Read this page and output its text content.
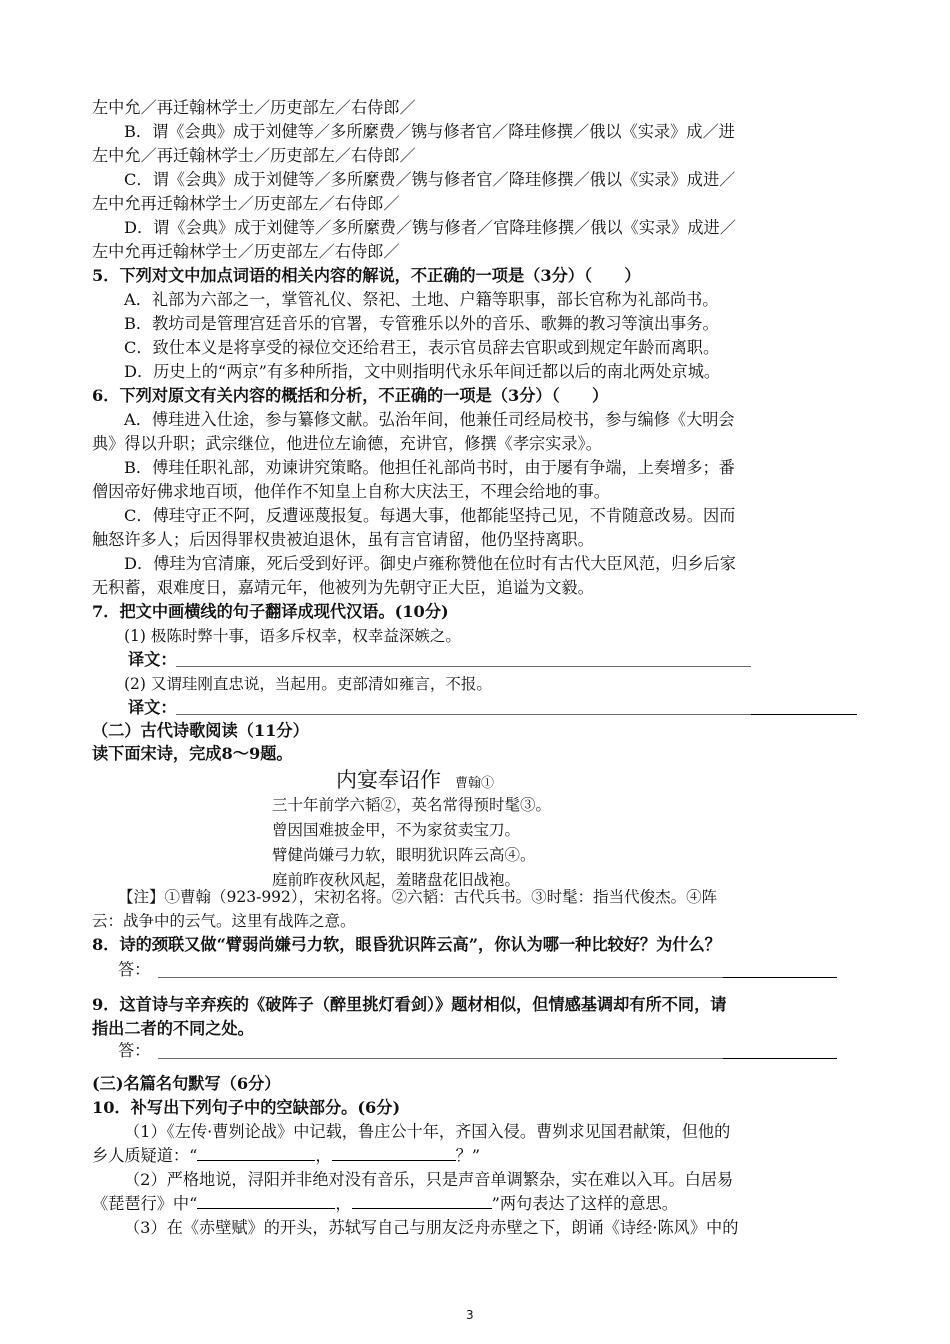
左中允／再迁翰林学士／历吏部左／右侍郎／
B．谓《会典》成于刘健等／多所縻费／镌与修者官／降珪修撰／俄以《实录》成／进
左中允／再迁翰林学士／历吏部左／右侍郎／
C．谓《会典》成于刘健等／多所縻费／镌与修者官／降珪修撰／俄以《实录》成进／
左中允再迁翰林学士／历吏部左／右侍郎／
D．谓《会典》成于刘健等／多所縻费／镌与修者／官降珪修撰／俄以《实录》成进／
左中允再迁翰林学士／历吏部左／右侍郎／
5．下列对文中加点词语的相关内容的解说，不正确的一项是（3分）（　　）
A．礼部为六部之一，掌管礼仪、祭祀、土地、户籍等职事，部长官称为礼部尚书。
B．教坊司是管理宫廷音乐的官署，专管雅乐以外的音乐、歌舞的教习等演出事务。
C．致仕本义是将享受的禄位交还给君王，表示官员辞去官职或到规定年龄而离职。
D．历史上的“两京”有多种所指，文中则指明代永乐年间迁都以后的南北两处京城。
6．下列对原文有关内容的概括和分析，不正确的一项是（3分）（　　）
A．傅珪进入仕途，参与纂修文献。弘治年间，他兼任司经局校书，参与编修《大明会
典》得以升职；武宗继位，他进位左谕德，充讲官，修撰《孝宗实录》。
B．傅珪任职礼部，劝谏讲究策略。他担任礼部尚书时，由于屡有争端，上奏增多；番
僧因帝好佛求地百顷，他佯作不知皇上自称大庆法王，不理会给地的事。
C．傅珪守正不阿，反遭诬蔑报复。每遇大事，他都能坚持己见，不肯随意改易。因而
触怒许多人；后因得罪权贵被迫退休，虽有言官请留，他仍坚持离职。
D．傅珪为官清廉，死后受到好评。御史卢雍称赞他在位时有古代大臣风范，归乡后家
无积蓄，艰难度日，嘉靖元年，他被列为先朝守正大臣，追谥为文毅。
7．把文中画横线的句子翻译成现代汉语。(10分)
(1) 极陈时弊十事，语多斥权幸，权幸益深嫉之。
译文：
(2) 又谓珪刚直忠说，当起用。吏部清如雍言，不报。
译文：
（二）古代诗歌阅读（11分）
读下面宋诗，完成8～9题。
内宴奉诏作 曹翰①
三十年前学六韬②，英名常得预时髦③。
曾因国难披金甲，不为家贫卖宝刀。
臂健尚嫌弓力软，眼明犹识阵云高④。
庭前昨夜秋风起，羞睹盘花旧战袍。
【注】①曹翰（923-992），宋初名将。②六韬：古代兵书。③时髦：指当代俊杰。④阵
云：战争中的云气。这里有战阵之意。
8．诗的颈联又做“臂弱尚嫌弓力软，眼昏犹识阵云高”，你认为哪一种比较好？为什么？
答：
9．这首诗与辛弃疾的《破阵子（醉里挑灯看剑）》题材相似，但情感基调却有所不同，请
指出二者的不同之处。
答：
(三)名篇名句默写（6分）
10．补写出下列句子中的空缺部分。(6分)
（1）《左传·曹刿论战》中记载，鲁庄公十年，齐国入侵。曹刿求见国君献策，但他的
乡人质疑道：“	，	？”
（2）严格地说，浔阳并非绝对没有音乐，只是声音单调繁杂，实在难以入耳。白居易
《琵琶行》中“	，	”两句表达了这样的意思。
（3）在《赤壁赋》的开头，苏轼写自己与朋友泛舟赤壁之下，朗诵《诗经·陈风》中的
3
